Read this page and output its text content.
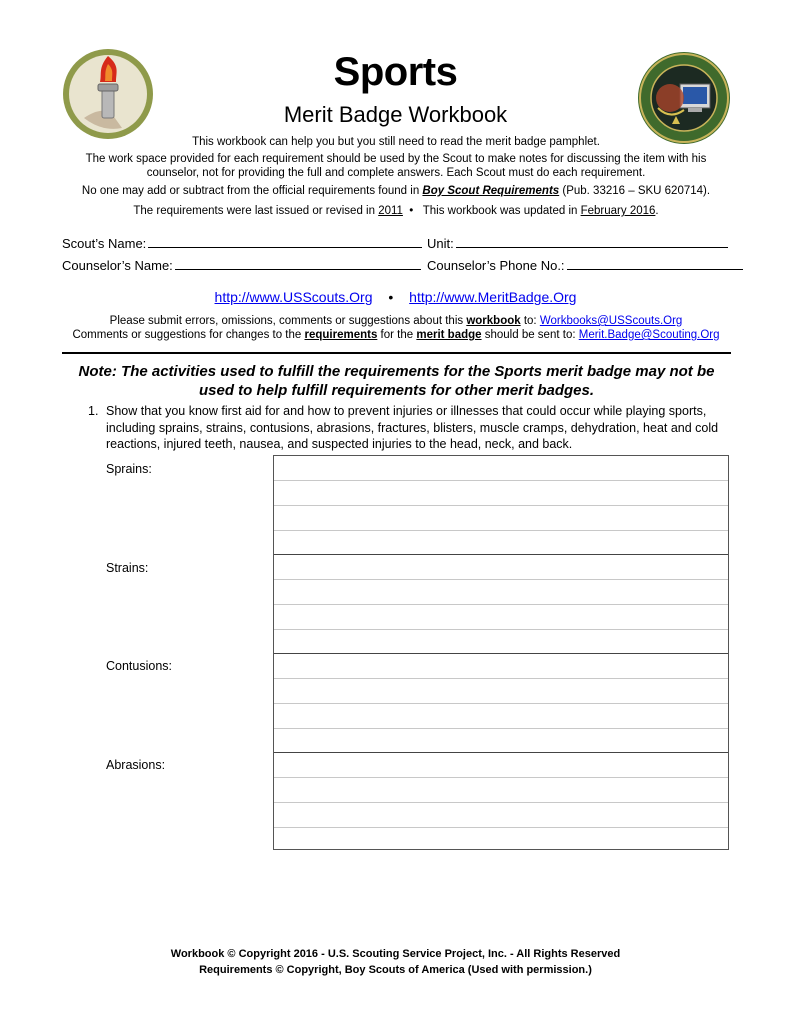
Sports
Merit Badge Workbook
This workbook can help you but you still need to read the merit badge pamphlet.
The work space provided for each requirement should be used by the Scout to make notes for discussing the item with his counselor, not for providing the full and complete answers. Each Scout must do each requirement.
No one may add or subtract from the official requirements found in Boy Scout Requirements (Pub. 33216 – SKU 620714).
The requirements were last issued or revised in 2011  •   This workbook was updated in February 2016.
Scout’s Name:	Unit:
Counselor’s Name:	Counselor’s Phone No.:
http://www.USScouts.Org • http://www.MeritBadge.Org
Please submit errors, omissions, comments or suggestions about this workbook to: Workbooks@USScouts.Org
Comments or suggestions for changes to the requirements for the merit badge should be sent to: Merit.Badge@Scouting.Org
Note: The activities used to fulfill the requirements for the Sports merit badge may not be used to help fulfill requirements for other merit badges.
1. Show that you know first aid for and how to prevent injuries or illnesses that could occur while playing sports, including sprains, strains, contusions, abrasions, fractures, blisters, muscle cramps, dehydration, heat and cold reactions, injured teeth, nausea, and suspected injuries to the head, neck, and back.
Sprains:
Strains:
Contusions:
Abrasions:
Workbook © Copyright 2016 - U.S. Scouting Service Project, Inc. - All Rights Reserved
Requirements © Copyright, Boy Scouts of America (Used with permission.)
